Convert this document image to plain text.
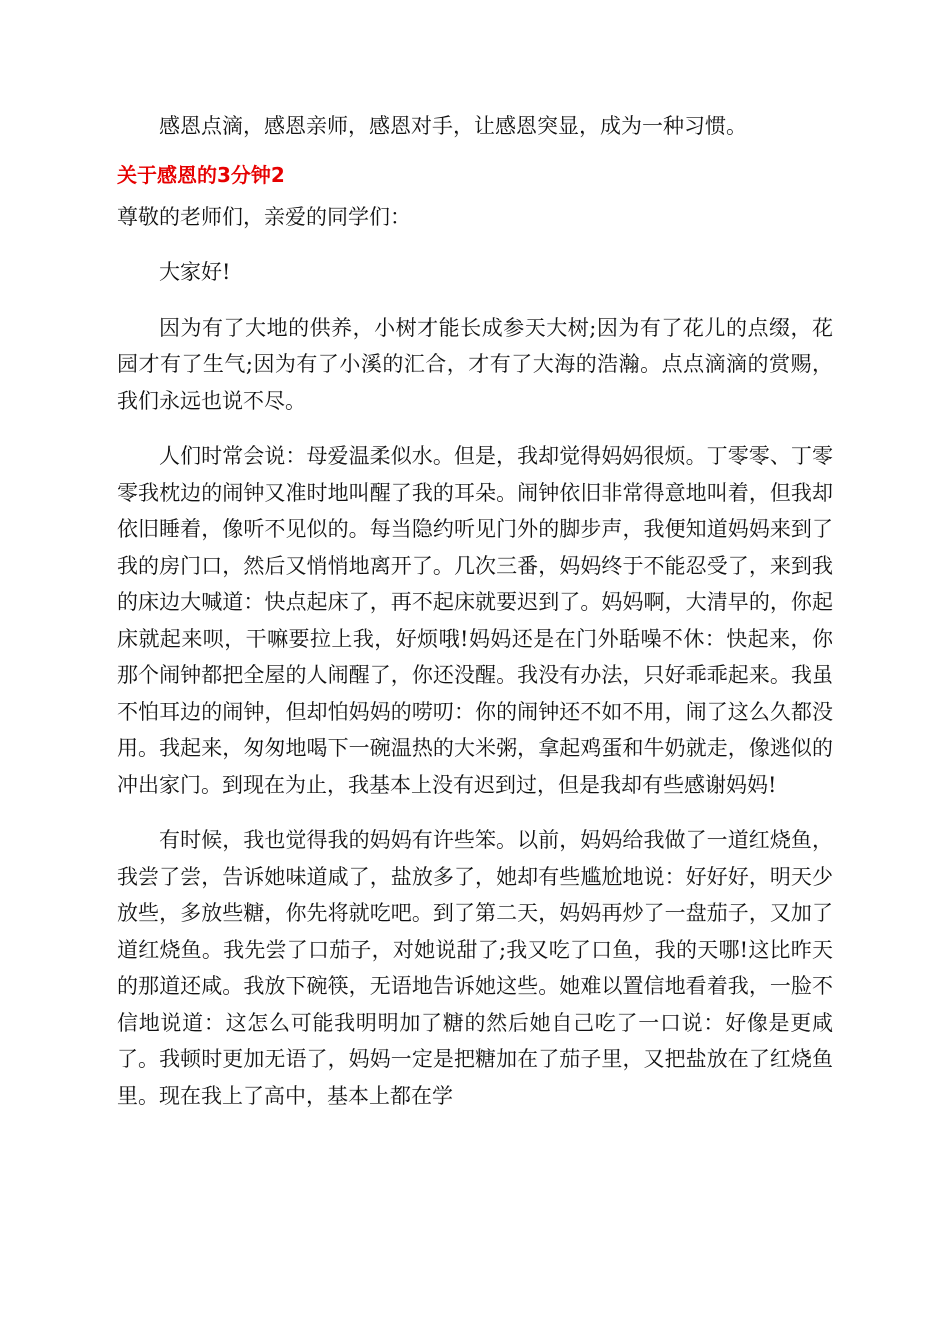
感恩点滴，感恩亲师，感恩对手，让感恩突显，成为一种习惯。

关于感恩的3分钟2

尊敬的老师们，亲爱的同学们：

大家好!

因为有了大地的供养，小树才能长成参天大树;因为有了花儿的点缀，花园才有了生气;因为有了小溪的汇合，才有了大海的浩瀚。点点滴滴的赏赐，我们永远也说不尽。

人们时常会说：母爱温柔似水。但是，我却觉得妈妈很烦。丁零零、丁零零我枕边的闹钟又准时地叫醒了我的耳朵。闹钟依旧非常得意地叫着，但我却依旧睡着，像听不见似的。每当隐约听见门外的脚步声，我便知道妈妈来到了我的房门口，然后又悄悄地离开了。几次三番，妈妈终于不能忍受了，来到我的床边大喊道：快点起床了，再不起床就要迟到了。妈妈啊，大清早的，你起床就起来呗，干嘛要拉上我，好烦哦!妈妈还是在门外聒噪不休：快起来，你那个闹钟都把全屋的人闹醒了，你还没醒。我没有办法，只好乖乖起来。我虽不怕耳边的闹钟，但却怕妈妈的唠叨：你的闹钟还不如不用，闹了这么久都没用。我起来，匆匆地喝下一碗温热的大米粥，拿起鸡蛋和牛奶就走，像逃似的冲出家门。到现在为止，我基本上没有迟到过，但是我却有些感谢妈妈!

有时候，我也觉得我的妈妈有许些笨。以前，妈妈给我做了一道红烧鱼，我尝了尝，告诉她味道咸了，盐放多了，她却有些尴尬地说：好好好，明天少放些，多放些糖，你先将就吃吧。到了第二天，妈妈再炒了一盘茄子，又加了道红烧鱼。我先尝了口茄子，对她说甜了;我又吃了口鱼，我的天哪!这比昨天的那道还咸。我放下碗筷，无语地告诉她这些。她难以置信地看着我，一脸不信地说道：这怎么可能我明明加了糖的然后她自己吃了一口说：好像是更咸了。我顿时更加无语了，妈妈一定是把糖加在了茄子里，又把盐放在了红烧鱼里。现在我上了高中，基本上都在学
